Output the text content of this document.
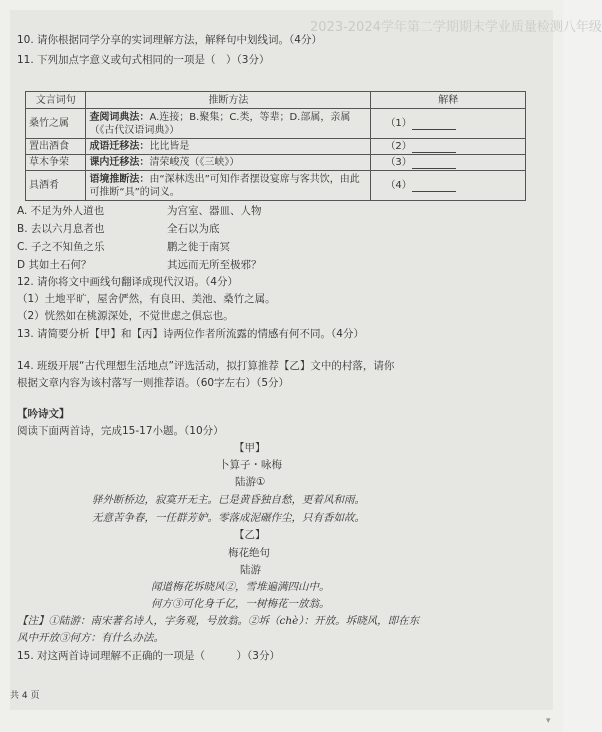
2023-2024学年第二学期期末学业质量检测八年级
10. 请你根据同学分享的实词理解方法，解释句中划线词。（4分）
11. 下列加点字意义或句式相同的一项是（　）（3分）
文言词句	推断方法	解释
桑竹之属	查阅词典法：A.连接；B.聚集；C.类，等辈；D.部属，亲属（《古代汉语词典》）	（1）
置出酒食	成语迁移法：比比皆是	（2）
草木争荣	课内迁移法：清荣峻茂（《三峡》）	（3）
具酒肴	语境推断法：由“深林迭出”可知作者摆设宴席与客共饮，由此可推断“具”的词义。	（4）
A. 不足为外人道也	为宫室、器皿、人物
B. 去以六月息者也	全石以为底
C. 子之不知鱼之乐	鹏之徙于南冥
D 其如土石何？	其远而无所至极邪？
12. 请你将文中画线句翻译成现代汉语。（4分）
（1）土地平旷，屋舍俨然，有良田、美池、桑竹之属。
（2）恍然如在桃源深处，不觉世虑之俱忘也。
13. 请简要分析【甲】和【丙】诗两位作者所流露的情感有何不同。（4分）
14. 班级开展“古代理想生活地点”评选活动，拟打算推荐【乙】文中的村落，请你
根据文章内容为该村落写一则推荐语。（60字左右）（5分）
【吟诗文】
阅读下面两首诗，完成15-17小题。（10分）
【甲】
卜算子・咏梅
陆游①
驿外断桥边，寂寞开无主。已是黄昏独自愁，更着风和雨。
无意苦争春，一任群芳妒。零落成泥碾作尘，只有香如故。
【乙】
梅花绝句
陆游
闻道梅花坼晓风②，雪堆遍满四山中。
何方③可化身千亿，一树梅花一放翁。
【注】①陆游：南宋著名诗人，字务观，号放翁。②坼（chè）：开放。坼晓风，即在东
风中开放③何方：有什么办法。
15. 对这两首诗词理解不正确的一项是（　　　）（3分）
共 4 页
▾
